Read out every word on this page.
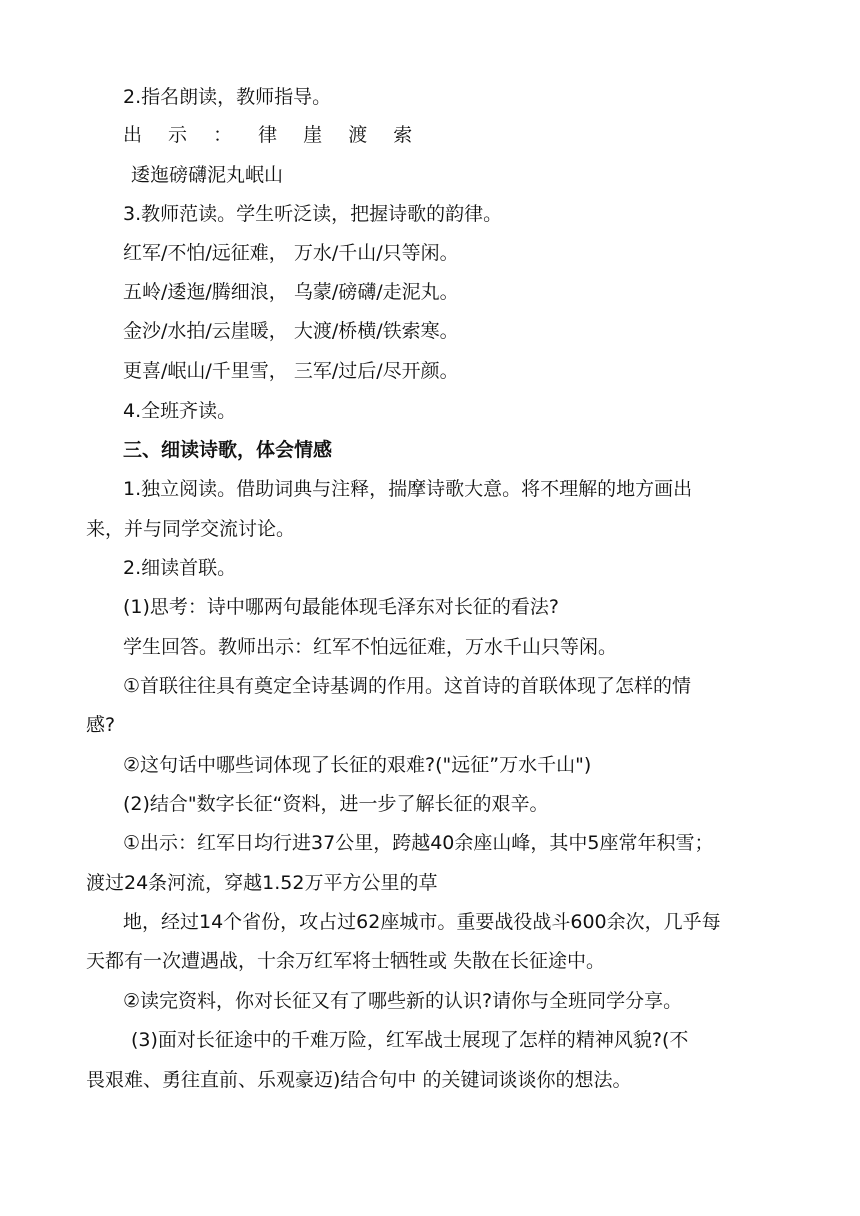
2.指名朗读，教师指导。
出 示 ： 律 崖 渡 索
逶迤磅礴泥丸岷山
3.教师范读。学生听泛读，把握诗歌的韵律。
红军/不怕/远征难， 万水/千山/只等闲。
五岭/逶迤/腾细浪， 乌蒙/磅礴/走泥丸。
金沙/水拍/云崖暖， 大渡/桥横/铁索寒。
更喜/岷山/千里雪， 三军/过后/尽开颜。
4.全班齐读。
三、细读诗歌，体会情感
1.独立阅读。借助词典与注释，揣摩诗歌大意。将不理解的地方画出
来，并与同学交流讨论。
2.细读首联。
(1)思考：诗中哪两句最能体现毛泽东对长征的看法?
学生回答。教师出示：红军不怕远征难，万水千山只等闲。
①首联往往具有奠定全诗基调的作用。这首诗的首联体现了怎样的情
感?
②这句话中哪些词体现了长征的艰难?("远征”万水千山")
(2)结合"数字长征“资料，进一步了解长征的艰辛。
①出示：红军日均行进37公里，跨越40余座山峰，其中5座常年积雪；
渡过24条河流，穿越1.52万平方公里的草
地，经过14个省份，攻占过62座城市。重要战役战斗600余次，几乎每
天都有一次遭遇战，十余万红军将士牺牲或 失散在长征途中。
②读完资料，你对长征又有了哪些新的认识?请你与全班同学分享。
(3)面对长征途中的千难万险，红军战士展现了怎样的精神风貌?(不
畏艰难、勇往直前、乐观豪迈)结合句中 的关键词谈谈你的想法。
